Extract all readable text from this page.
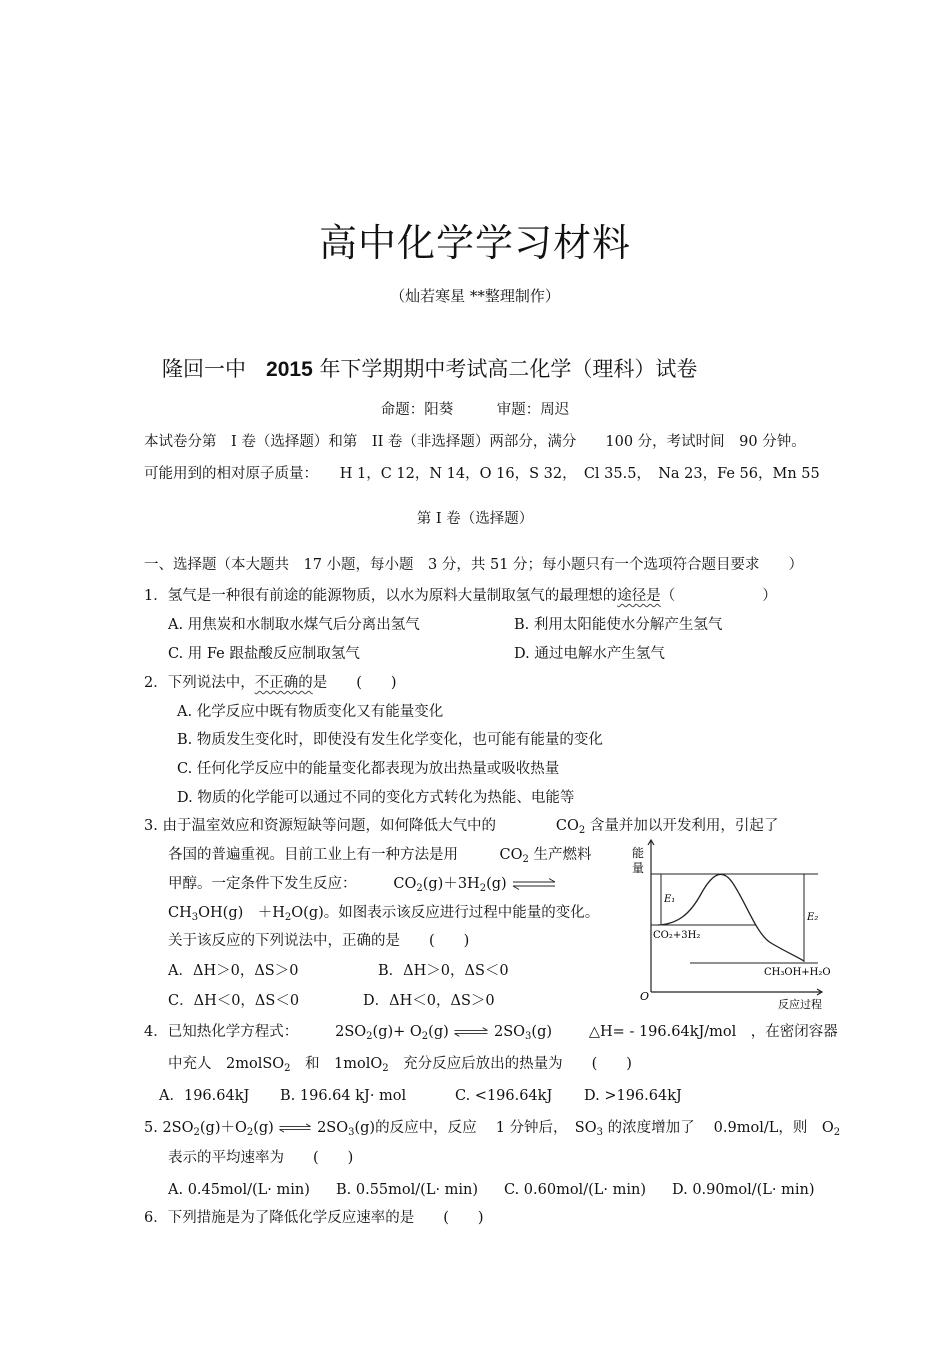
高中化学学习材料
（灿若寒星 **整理制作）
隆回一中 2015 年下学期期中考试高二化学（理科）试卷
命题：阳葵　　　审题：周迟
本试卷分第　I 卷（选择题）和第　II 卷（非选择题）两部分，满分　　100 分，考试时间　90 分钟。
可能用到的相对原子质量：　　H 1，C 12，N 14，O 16，S 32，　Cl 35.5，　Na 23，Fe 56，Mn 55
第 I 卷（选择题）
一、选择题（本大题共　17 小题，每小题　3 分，共 51 分；每小题只有一个选项符合题目要求　　）
1．氢气是一种很有前途的能源物质，以水为原料大量制取氢气的最理想的途径是（　　　　　　）
A. 用焦炭和水制取水煤气后分离出氢气	B. 利用太阳能使水分解产生氢气
C. 用 Fe 跟盐酸反应制取氢气	D. 通过电解水产生氢气
2．下列说法中，不正确的是　　(　　)
A. 化学反应中既有物质变化又有能量变化
B. 物质发生变化时，即使没有发生化学变化，也可能有能量的变化
C. 任何化学反应中的能量变化都表现为放出热量或吸收热量
D. 物质的化学能可以通过不同的变化方式转化为热能、电能等
3. 由于温室效应和资源短缺等问题，如何降低大气中的	$CO_2$ 含量并加以开发利用，引起了
各国的普遍重视。目前工业上有一种方法是用	$CO_2$ 生产燃料
甲醇。一定条件下发生反应：	$CO_2(g)+3H_2(g)$ ⇌
$CH_3OH(g)$　$+H_2O(g)$。如图表示该反应进行过程中能量的变化。
关于该反应的下列说法中，正确的是　　(　　)
A．ΔH＞0，ΔS＞0	B．ΔH＞0，ΔS＜0
C．ΔH＜0，ΔS＜0	D．ΔH＜0，ΔS＞0
能
量
E₁
E₂
CO₂+3H₂
CH₃OH+H₂O
O
反应过程
4．已知热化学方程式：	$2SO_2(g)+ O_2(g)$	$2SO_3(g)$	△H= - 196.64kJ/mol　，在密闭容器
中充人　2molSO$_2$　和　1molO$_2$　充分反应后放出的热量为　　(　　)
A．196.64kJ B. 196.64 kJ· mol	C. <196.64kJ D. >196.64kJ
5. $2SO_2(g)+O_2(g)$	$2SO_3(g)$的反应中，反应　 1 分钟后，　$SO_3$ 的浓度增加了　 0.9mol/L，则　$O_2$
表示的平均速率为　　(　　)
A. 0.45mol/(L· min) B. 0.55mol/(L· min) C. 0.60mol/(L· min) D. 0.90mol/(L· min)
6．下列措施是为了降低化学反应速率的是　　(　　)
